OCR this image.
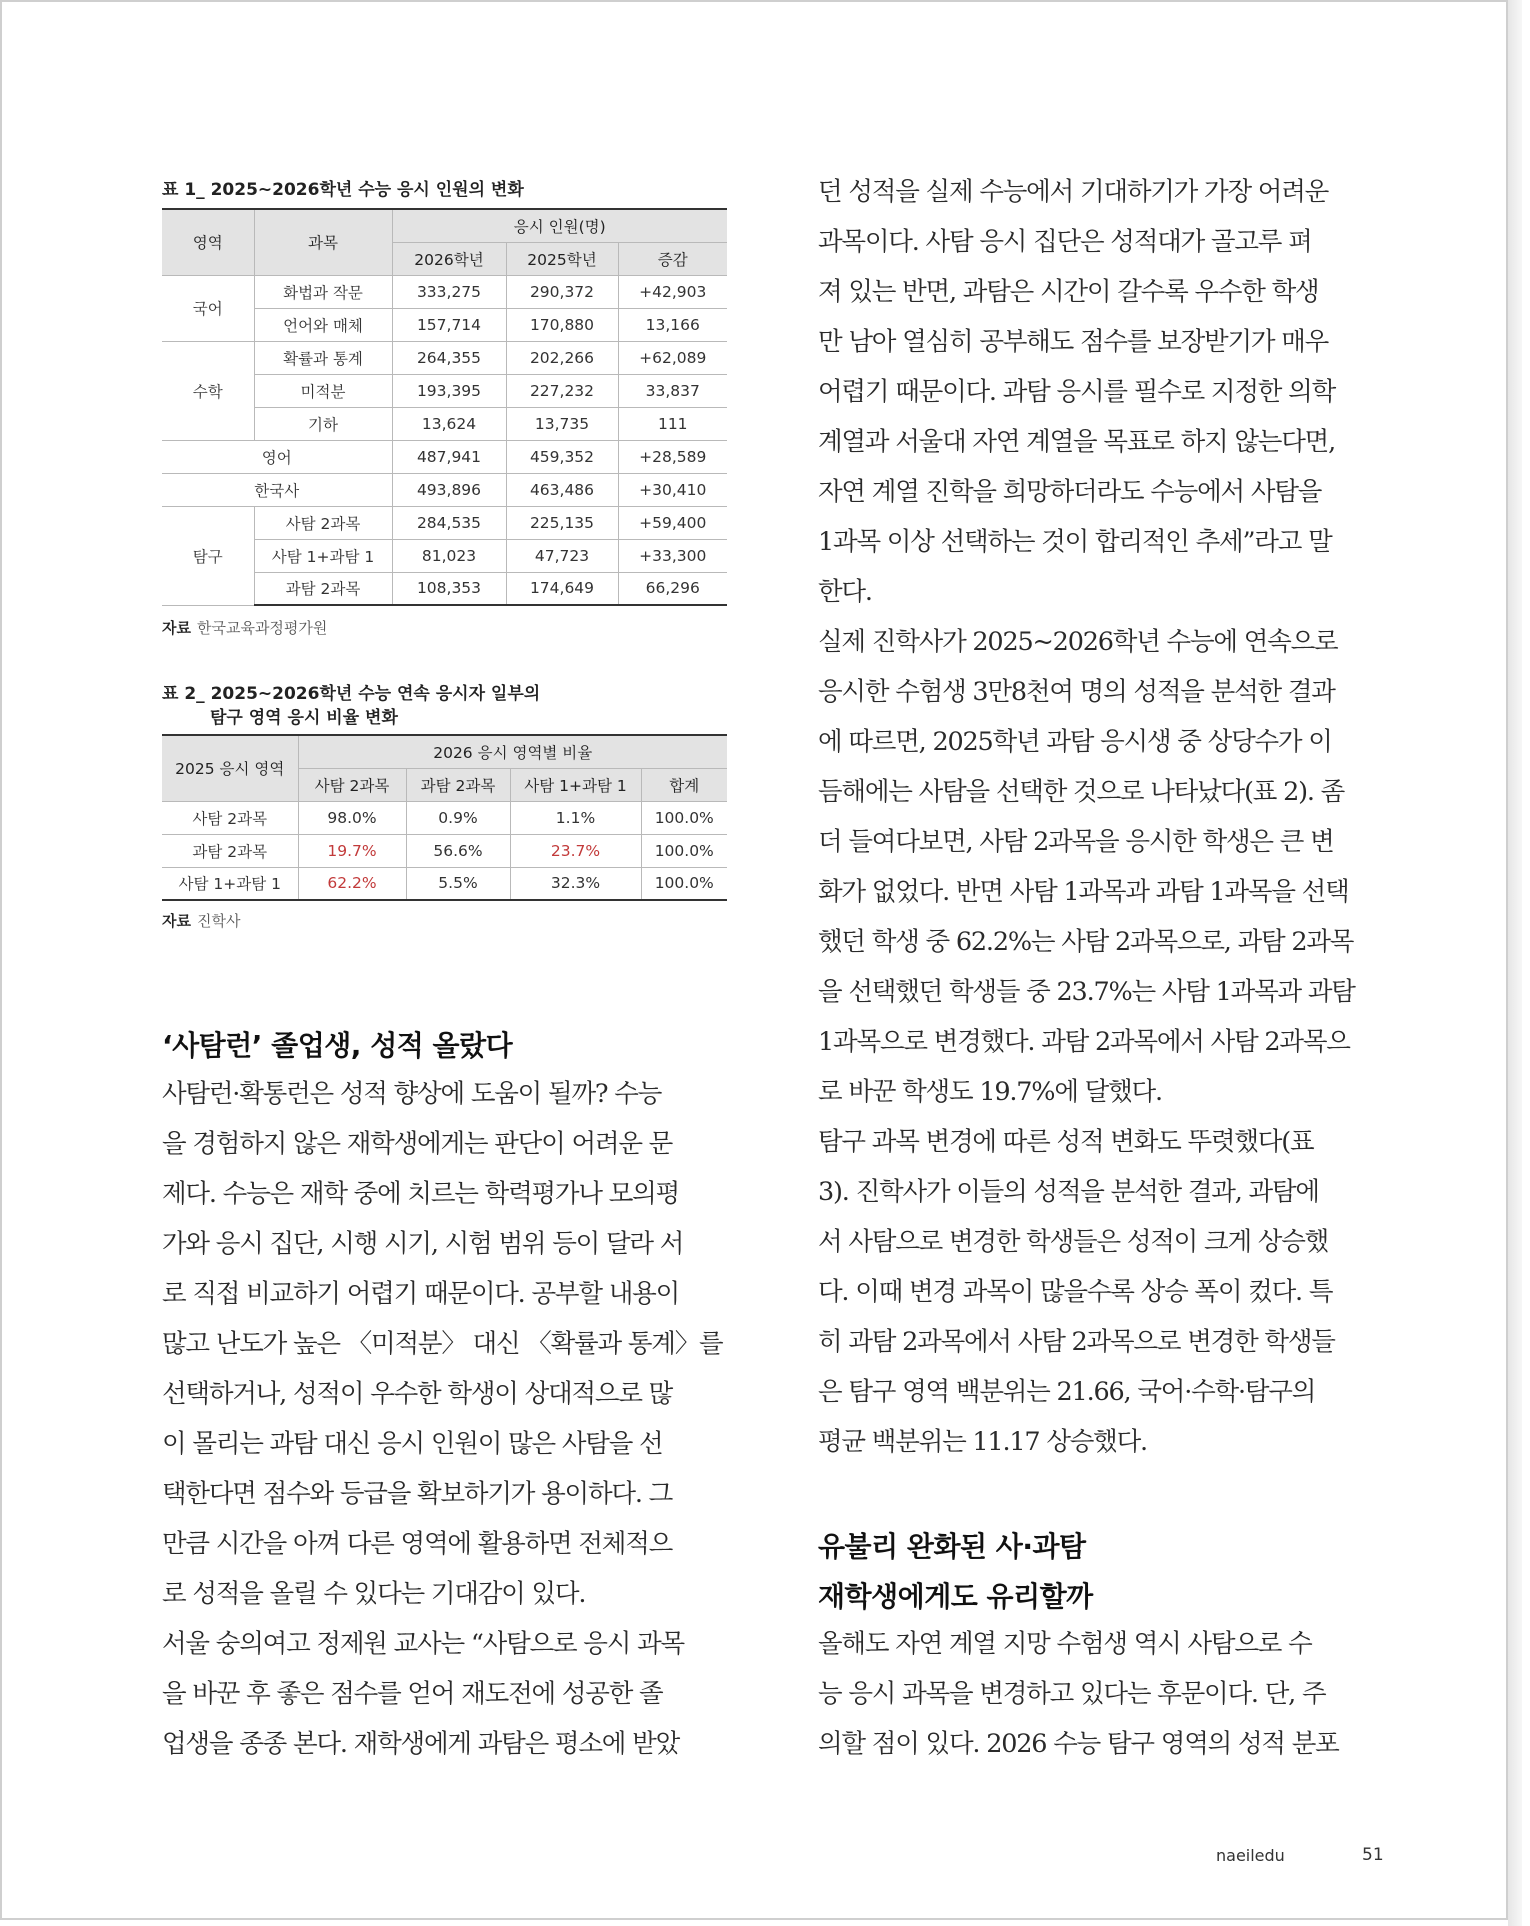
표 1_ 2025~2026학년 수능 응시 인원의 변화
영역	과목	응시 인원(명)		
		2026학년	2025학년	증감
국어	화법과 작문	333,275	290,372	+42,903
	언어와 매체	157,714	170,880	13,166
수학	확률과 통계	264,355	202,266	+62,089
	미적분	193,395	227,232	33,837
	기하	13,624	13,735	111
영어		487,941	459,352	+28,589
한국사		493,896	463,486	+30,410
탐구	사탐 2과목	284,535	225,135	+59,400
	사탐 1+과탐 1	81,023	47,723	+33,300
	과탐 2과목	108,353	174,649	66,296
자료 한국교육과정평가원
표 2_ 2025~2026학년 수능 연속 응시자 일부의
탐구 영역 응시 비율 변화
2025 응시 영역	2026 응시 영역별 비율			
	사탐 2과목	과탐 2과목	사탐 1+과탐 1	합계
사탐 2과목	98.0%	0.9%	1.1%	100.0%
과탐 2과목	19.7%	56.6%	23.7%	100.0%
사탐 1+과탐 1	62.2%	5.5%	32.3%	100.0%
자료 진학사
‘사탐런’ 졸업생, 성적 올랐다

사탐런·확통런은 성적 향상에 도움이 될까? 수능
을 경험하지 않은 재학생에게는 판단이 어려운 문
제다. 수능은 재학 중에 치르는 학력평가나 모의평
가와 응시 집단, 시행 시기, 시험 범위 등이 달라 서
로 직접 비교하기 어렵기 때문이다. 공부할 내용이
많고 난도가 높은 〈미적분〉 대신 〈확률과 통계〉를
선택하거나, 성적이 우수한 학생이 상대적으로 많
이 몰리는 과탐 대신 응시 인원이 많은 사탐을 선
택한다면 점수와 등급을 확보하기가 용이하다. 그
만큼 시간을 아껴 다른 영역에 활용하면 전체적으
로 성적을 올릴 수 있다는 기대감이 있다.

서울 숭의여고 정제원 교사는 “사탐으로 응시 과목
을 바꾼 후 좋은 점수를 얻어 재도전에 성공한 졸
업생을 종종 본다. 재학생에게 과탐은 평소에 받았

던 성적을 실제 수능에서 기대하기가 가장 어려운
과목이다. 사탐 응시 집단은 성적대가 골고루 펴
져 있는 반면, 과탐은 시간이 갈수록 우수한 학생
만 남아 열심히 공부해도 점수를 보장받기가 매우
어렵기 때문이다. 과탐 응시를 필수로 지정한 의학
계열과 서울대 자연 계열을 목표로 하지 않는다면,
자연 계열 진학을 희망하더라도 수능에서 사탐을
1과목 이상 선택하는 것이 합리적인 추세”라고 말
한다.

실제 진학사가 2025~2026학년 수능에 연속으로
응시한 수험생 3만8천여 명의 성적을 분석한 결과
에 따르면, 2025학년 과탐 응시생 중 상당수가 이
듬해에는 사탐을 선택한 것으로 나타났다(표 2). 좀
더 들여다보면, 사탐 2과목을 응시한 학생은 큰 변
화가 없었다. 반면 사탐 1과목과 과탐 1과목을 선택
했던 학생 중 62.2%는 사탐 2과목으로, 과탐 2과목
을 선택했던 학생들 중 23.7%는 사탐 1과목과 과탐
1과목으로 변경했다. 과탐 2과목에서 사탐 2과목으
로 바꾼 학생도 19.7%에 달했다.

탐구 과목 변경에 따른 성적 변화도 뚜렷했다(표
3). 진학사가 이들의 성적을 분석한 결과, 과탐에
서 사탐으로 변경한 학생들은 성적이 크게 상승했
다. 이때 변경 과목이 많을수록 상승 폭이 컸다. 특
히 과탐 2과목에서 사탐 2과목으로 변경한 학생들
은 탐구 영역 백분위는 21.66, 국어·수학·탐구의
평균 백분위는 11.17 상승했다.

유불리 완화된 사·과탐
재학생에게도 유리할까

올해도 자연 계열 지망 수험생 역시 사탐으로 수
능 응시 과목을 변경하고 있다는 후문이다. 단, 주
의할 점이 있다. 2026 수능 탐구 영역의 성적 분포

naeiledu	51
